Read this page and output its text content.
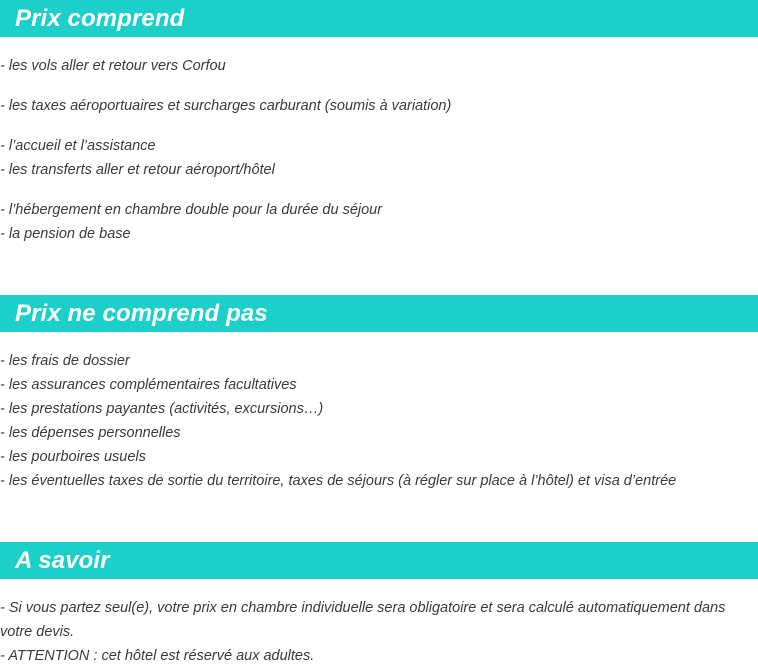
Prix comprend

- les vols aller et retour vers Corfou

- les taxes aéroportuaires et surcharges carburant (soumis à variation)

- l’accueil et l’assistance

- les transferts aller et retour aéroport/hôtel

- l’hébergement en chambre double pour la durée du séjour

- la pension de base

Prix ne comprend pas

- les frais de dossier

- les assurances complémentaires facultatives

- les prestations payantes (activités, excursions…)

- les dépenses personnelles

- les pourboires usuels

- les éventuelles taxes de sortie du territoire, taxes de séjours (à régler sur place à l’hôtel) et visa d’entrée

A savoir

- Si vous partez seul(e), votre prix en chambre individuelle sera obligatoire et sera calculé automatiquement dans votre devis.

- ATTENTION : cet hôtel est réservé aux adultes.
